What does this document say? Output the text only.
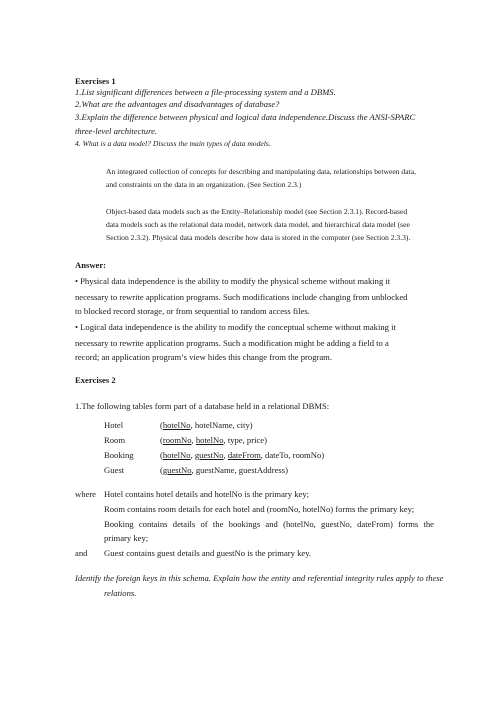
Exercises 1
1.List significant differences between a file-processing system and a DBMS.
2.What are the advantages and disadvantages of database?
3.Explain the difference between physical and logical data independence.Discuss the ANSI-SPARC
three-level architecture.
4. What is a data model? Discuss the main types of data models.
An integrated collection of concepts for describing and manipulating data, relationships between data,
and constraints on the data in an organization. (See Section 2.3.)
Object-based data models such as the Entity–Relationship model (see Section 2.3.1). Record-based
data models such as the relational data model, network data model, and hierarchical data model (see
Section 2.3.2). Physical data models describe how data is stored in the computer (see Section 2.3.3).
Answer:
• Physical data independence is the ability to modify the physical scheme without making it
necessary to rewrite application programs. Such modifications include changing from unblocked
to blocked record storage, or from sequential to random access files.
• Logical data independence is the ability to modify the conceptual scheme without making it
necessary to rewrite application programs. Such a modification might be adding a field to a
record; an application program’s view hides this change from the program.
Exercises 2
1.The following tables form part of a database held in a relational DBMS:
Hotel	(hotelNo, hotelName, city)
Room	(roomNo, hotelNo, type, price)
Booking	(hotelNo, guestNo, dateFrom, dateTo, roomNo)
Guest	(guestNo, guestName, guestAddress)
where Hotel contains hotel details and hotelNo is the primary key;
Room contains room details for each hotel and (roomNo, hotelNo) forms the primary key;
Booking contains details of the bookings and (hotelNo, guestNo, dateFrom) forms the
primary key;
and Guest contains guest details and guestNo is the primary key.
Identify the foreign keys in this schema. Explain how the entity and referential integrity rules apply to these
relations.
